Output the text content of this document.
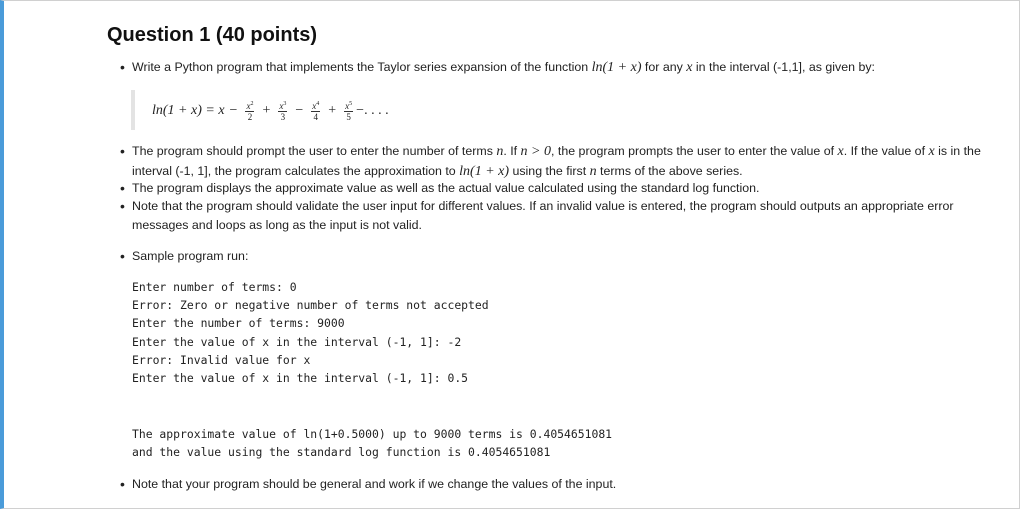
Question 1 (40 points)
• Write a Python program that implements the Taylor series expansion of the function ln(1 + x) for any x in the interval (-1,1], as given by:
$\ln(1 + x) = x - \frac{x^2}{2} + \frac{x^3}{3} - \frac{x^4}{4} + \frac{x^5}{5}$ −. . . .
• The program should prompt the user to enter the number of terms n. If n > 0, the program prompts the user to enter the value of x. If the value of x is in the interval (-1, 1], the program calculates the approximation to ln(1 + x) using the first n terms of the above series.
• The program displays the approximate value as well as the actual value calculated using the standard log function.
• Note that the program should validate the user input for different values. If an invalid value is entered, the program should outputs an appropriate error messages and loops as long as the input is not valid.
• Sample program run:
Enter number of terms: 0
Error: Zero or negative number of terms not accepted
Enter the number of terms: 9000
Enter the value of x in the interval (-1, 1]: -2
Error: Invalid value for x
Enter the value of x in the interval (-1, 1]: 0.5
The approximate value of ln(1+0.5000) up to 9000 terms is 0.4054651081
and the value using the standard log function is 0.4054651081
• Note that your program should be general and work if we change the values of the input.
